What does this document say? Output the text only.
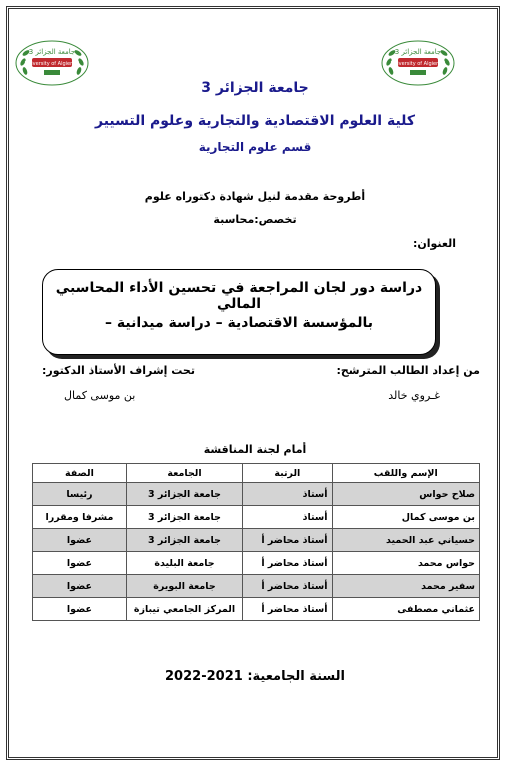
جامعة الجزائر 3
University of Algiers 3
جامعة الجزائر 3
University of Algiers 3
جامعة الجزائر 3
كلية العلوم الاقتصادية والتجارية وعلوم التسيير
قسم علوم التجارية
أطروحة مقدمة لنيل شهادة دكتوراه علوم
تخصص:محاسبة
العنوان:
دراسة دور لجان المراجعة في تحسين الأداء المحاسبي المالي
بالمؤسسة الاقتصادية – دراسة ميدانية –
من إعداد الطالب المترشح:
تحت إشراف الأستاذ الدكتور:
غـروي خالد
بن موسى كمال
أمام لجنة المناقشة
الإسم واللقب	الرتبة	الجامعة	الصفة
صلاح حواس	أستاذ	جامعة الجزائر 3	رئيسا
بن موسى كمال	أستاذ	جامعة الجزائر 3	مشرفا ومقررا
حسياني عبد الحميد	أستاذ محاضر أ	جامعة الجزائر 3	عضوا
حواس محمد	أستاذ محاضر أ	جامعة البليدة	عضوا
سفير محمد	أستاذ محاضر أ	جامعة البويرة	عضوا
عثماني مصطفى	أستاذ محاضر أ	المركز الجامعي تيبازة	عضوا
السنة الجامعية: 2021-2022
